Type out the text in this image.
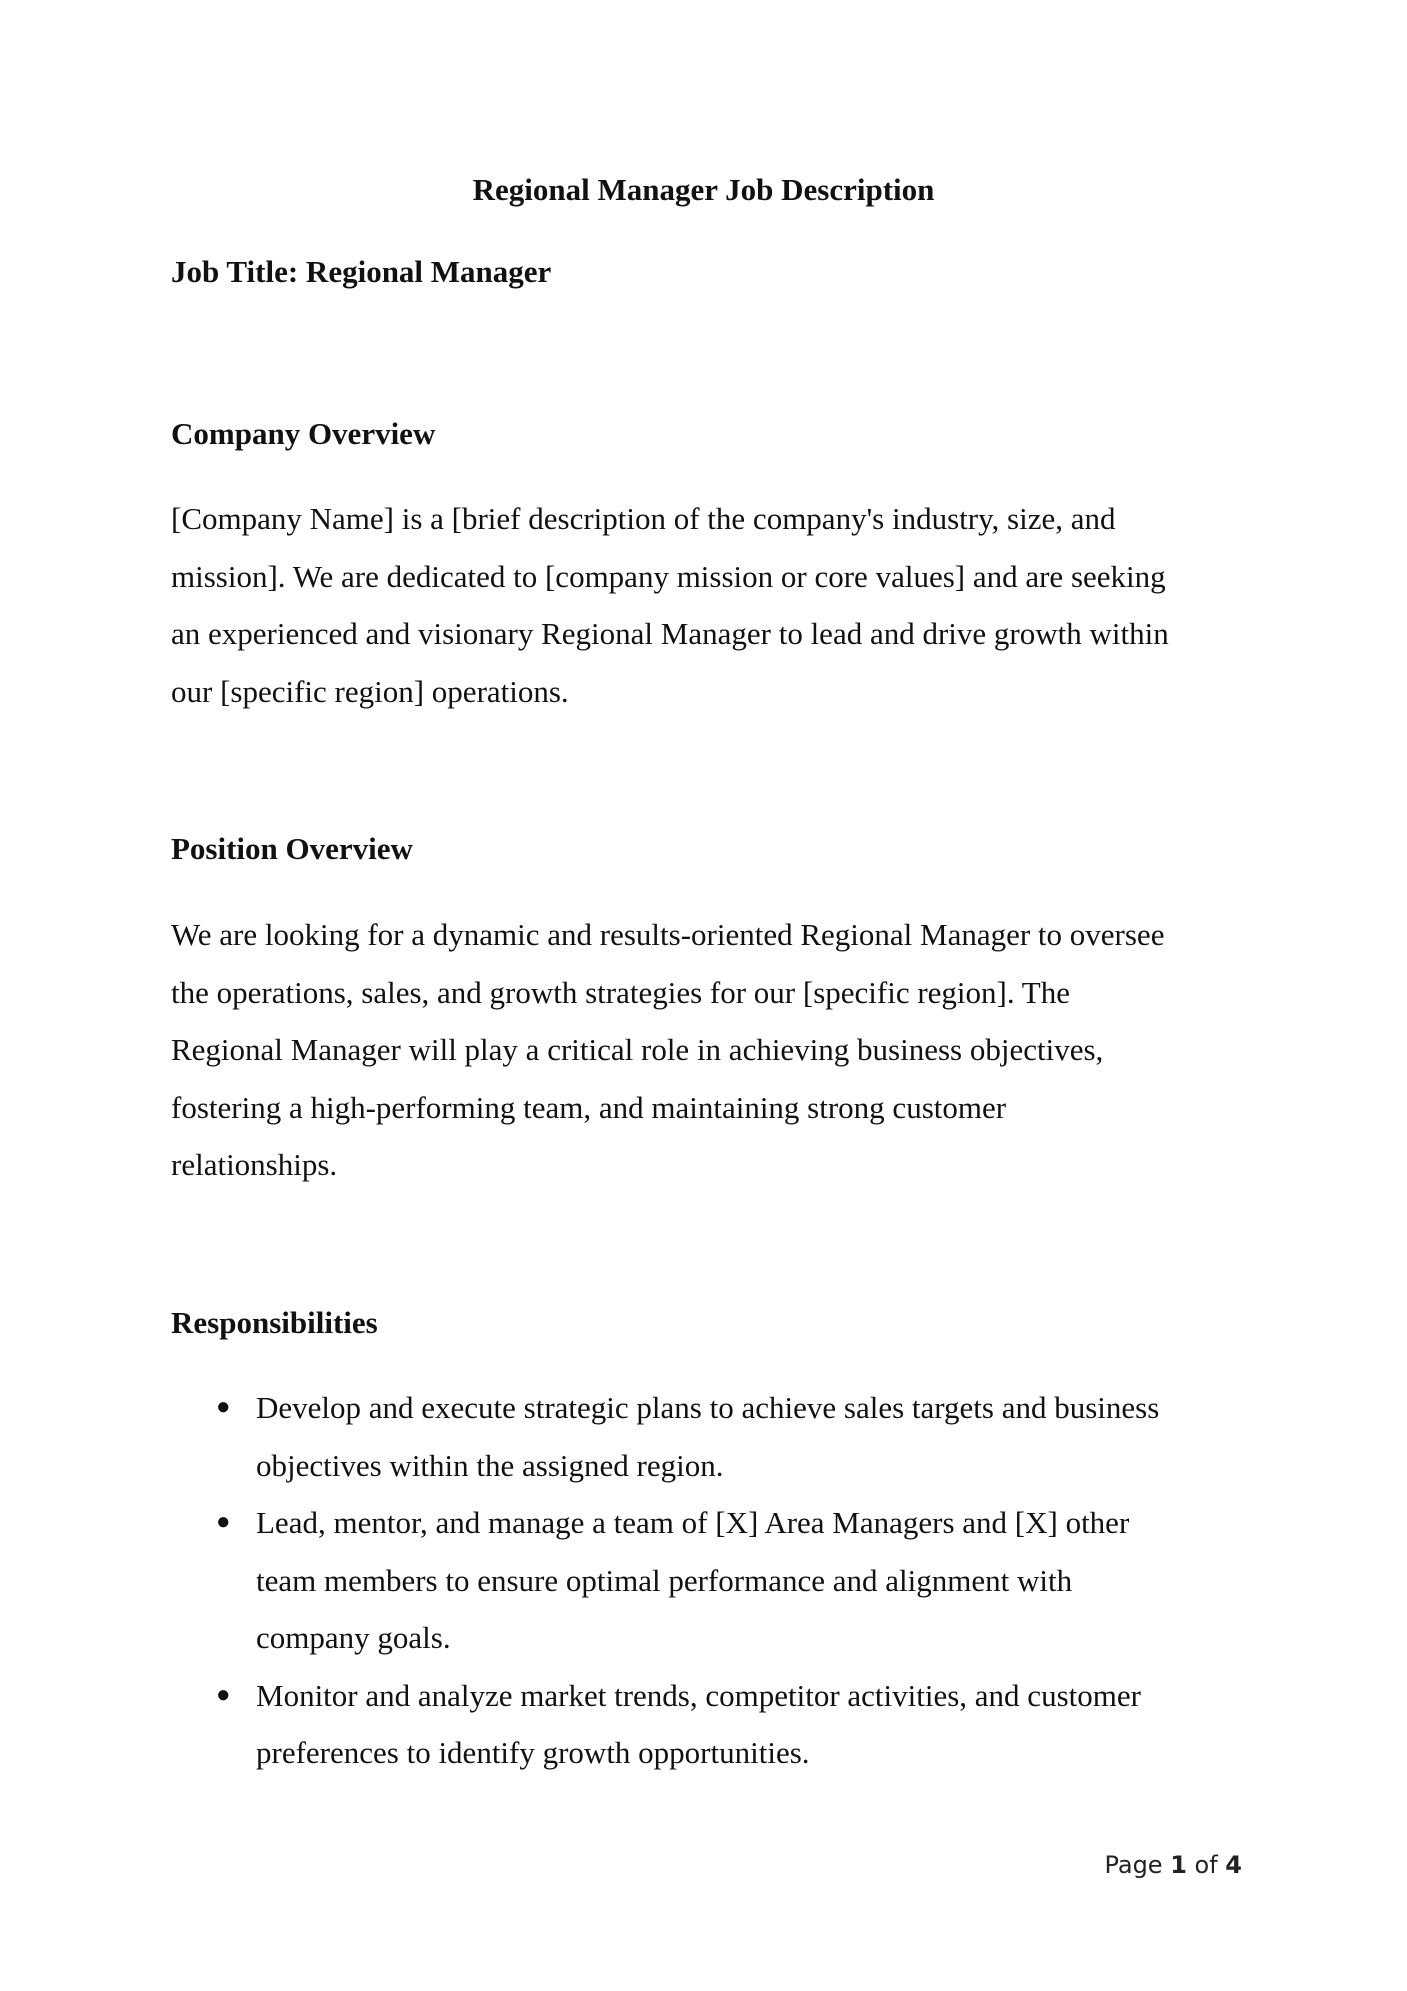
Regional Manager Job Description
Job Title: Regional Manager
Company Overview

[Company Name] is a [brief description of the company's industry, size, and
mission]. We are dedicated to [company mission or core values] and are seeking
an experienced and visionary Regional Manager to lead and drive growth within
our [specific region] operations.

Position Overview

We are looking for a dynamic and results-oriented Regional Manager to oversee
the operations, sales, and growth strategies for our [specific region]. The
Regional Manager will play a critical role in achieving business objectives,
fostering a high-performing team, and maintaining strong customer
relationships.

Responsibilities
● Develop and execute strategic plans to achieve sales targets and business
objectives within the assigned region.
● Lead, mentor, and manage a team of [X] Area Managers and [X] other
team members to ensure optimal performance and alignment with
company goals.
● Monitor and analyze market trends, competitor activities, and customer
preferences to identify growth opportunities.
Page 1 of 4
